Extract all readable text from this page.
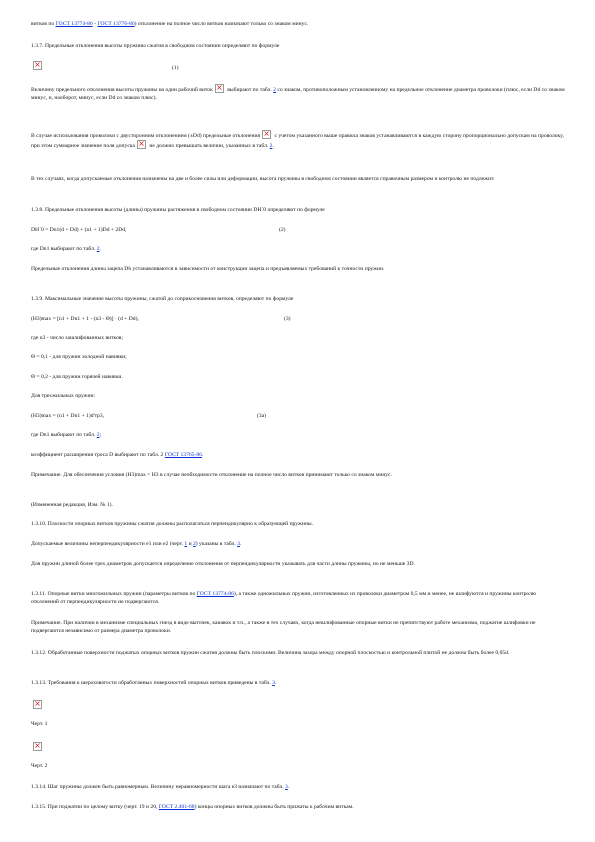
витков по ГОСТ 13774-86 - ГОСТ 13776-86) отклонение на полное число витков назначают только со знаком минус.

1.3.7. Предельные отклонения высоты пружины сжатия в свободном состоянии определяют по формуле

×
(1)

Величину предельного отклонения высоты пружины на один рабочий виток× выбирают по табл. 2 со знаком, противоположным установленному на предельное отклонение диаметра проволоки (плюс, если Dd со знаком минус, и, наоборот, минус, если Dd со знаком плюс).

В случае использования проволоки с двусторонним отклонением (±Dd) предельные отклонения× с учетом указанного выше правила знаков устанавливаются в каждую сторону пропорционально допускам на проволоку, при этом суммарное значение поля допуска× не должно превышать величин, указанных в табл. 2.

В тех случаях, когда допускаемые отклонения назначены на две и более силы или деформации, высота пружины в свободном состоянии является справочным размером и контролю не подлежит.

1.3.8. Предельные отклонения высоты (длины) пружины растяжения в свободном состоянии DH´0 определяют по формуле

DH´0 = Dn1(d + Dd) + (n1 + 1)Dd + 2Dd,	(2)

где Dn1 выбирают по табл. 2.

Предельные отклонения длины зацепа Dh устанавливаются в зависимости от конструкции зацепа и предъявляемых требований к точности пружин.

1.3.9. Максимальные значение высоты пружины, сжатой до соприкосновения витков, определяют по формуле

(H3)max = [n1 + Dn1 + 1 - (n3 - Θ)] · (d + Dd),	(3)

где n3 - число зашлифованных витков;

Θ = 0,1 - для пружин холодной навивки;

Θ = 0,2 - для пружин горячей навивки.

Для трехжильных пружин:

(H3)max = (n1 + Dn1 + 1)d'тр3,	(3а)

где Dn1 выбирают по табл. 2;

коэффициент расширения троса D выбирают по табл. 2 ГОСТ 13765-86.

Примечание. Для обеспечения условия (H3)max < H3 в случае необходимости отклонение на полное число витков принимают только со знаком минус.

(Измененная редакция, Изм. № 1).

1.3.10. Плоскости опорных витков пружины сжатия должны располагаться перпендикулярно к образующей пружины.

Допускаемые величины неперпендикулярности e1 или e2 (черт. 1 и 2) указаны в табл. 3.

Для пружин длиной более трех диаметров допускается определение отклонения от перпендикулярности указывать для части длины пружины, но не меньше 3D.

1.3.11. Опорные витки многожильных пружин (параметры витков по ГОСТ 13774-86), а также одножильных пружин, изготовленных из проволоки диаметром 0,5 мм и менее, не шлифуются и пружины контролю отклонений от перпендикулярности не подвергаются.

Примечание. При наличии в механизме специальных гнезд в виде выточек, канавок и т.п., а также в тех случаях, когда нешлифованные опорные витки не препятствуют работе механизма, поджатие шлифовки не подвергаются независимо от размера диаметра проволоки.

1.3.12. Обработанные поверхности поджатых опорных витков пружин сжатия должны быть плоскими. Величина зазора между опорной плоскостью и контрольной плитой не должна быть более 0,05d.

1.3.13. Требования к шероховатости обработанных поверхностей опорных витков приведены в табл. 3.

×

Черт. 1

×

Черт. 2

1.3.14. Шаг пружины должен быть равномерным. Величину неравномерности шага e3 назначают по табл. 3.

1.3.15. При поджатии по целому витку (черт. 19 и 20, ГОСТ 2.401-68) концы опорных витков должны быть прижаты к рабочим виткам.
